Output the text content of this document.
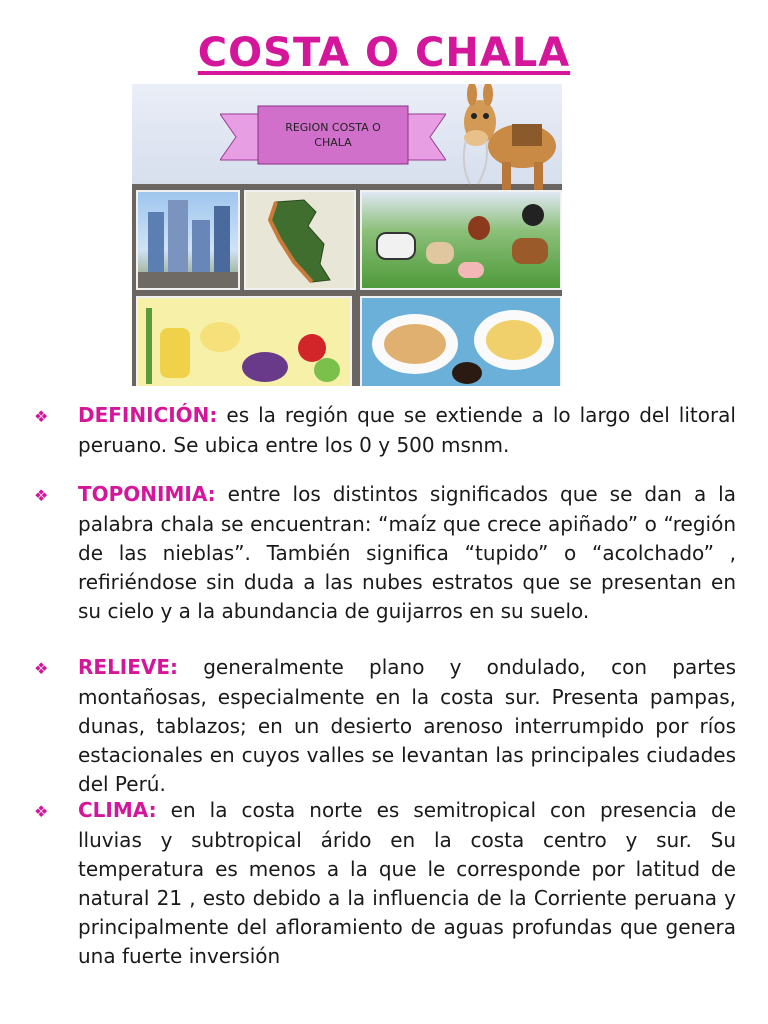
COSTA O CHALA
REGION COSTA O CHALA

❖ DEFINICIÓN: es la región que se extiende a lo largo del litoral peruano. Se ubica entre los 0 y 500 msnm.

❖ TOPONIMIA: entre los distintos significados que se dan a la palabra chala se encuentran: “maíz que crece apiñado” o “región de las nieblas”. También significa “tupido” o “acolchado” , refiriéndose sin duda a las nubes estratos que se presentan en su cielo y a la abundancia de guijarros en su suelo.

❖ RELIEVE: generalmente plano y ondulado, con partes montañosas, especialmente en la costa sur. Presenta pampas, dunas, tablazos; en un desierto arenoso interrumpido por ríos estacionales en cuyos valles se levantan las principales ciudades del Perú.

❖ CLIMA: en la costa norte es semitropical con presencia de lluvias y subtropical árido en la costa centro y sur. Su temperatura es menos a la que le corresponde por latitud de natural 21 , esto debido a la influencia de la Corriente peruana y principalmente del afloramiento de aguas profundas que genera una fuerte inversión
